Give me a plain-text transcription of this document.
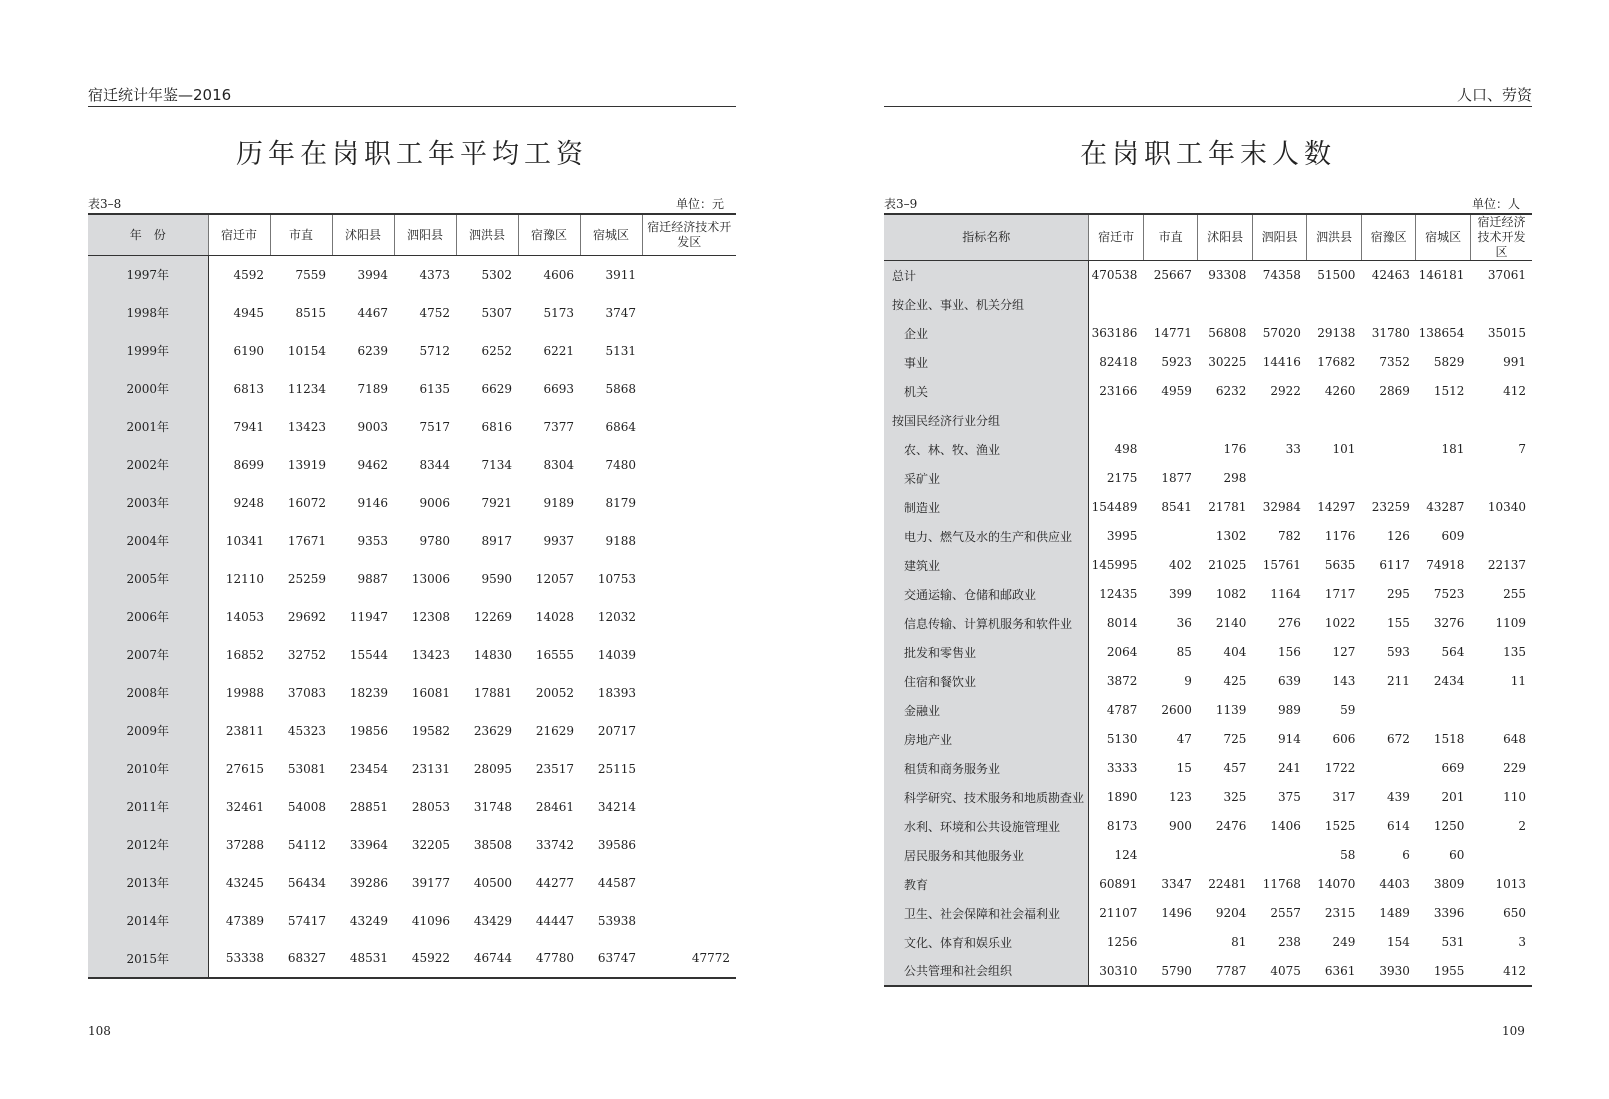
宿迁统计年鉴—2016
历年在岗职工年平均工资
表3–8	单位：元
年　份	宿迁市	市直	沭阳县	泗阳县	泗洪县	宿豫区	宿城区	宿迁经济技术开发区
1997年	4592	7559	3994	4373	5302	4606	3911	
1998年	4945	8515	4467	4752	5307	5173	3747	
1999年	6190	10154	6239	5712	6252	6221	5131	
2000年	6813	11234	7189	6135	6629	6693	5868	
2001年	7941	13423	9003	7517	6816	7377	6864	
2002年	8699	13919	9462	8344	7134	8304	7480	
2003年	9248	16072	9146	9006	7921	9189	8179	
2004年	10341	17671	9353	9780	8917	9937	9188	
2005年	12110	25259	9887	13006	9590	12057	10753	
2006年	14053	29692	11947	12308	12269	14028	12032	
2007年	16852	32752	15544	13423	14830	16555	14039	
2008年	19988	37083	18239	16081	17881	20052	18393	
2009年	23811	45323	19856	19582	23629	21629	20717	
2010年	27615	53081	23454	23131	28095	23517	25115	
2011年	32461	54008	28851	28053	31748	28461	34214	
2012年	37288	54112	33964	32205	38508	33742	39586	
2013年	43245	56434	39286	39177	40500	44277	44587	
2014年	47389	57417	43249	41096	43429	44447	53938	
2015年	53338	68327	48531	45922	46744	47780	63747	47772
108
人口、劳资
在岗职工年末人数
表3–9	单位：人
指标名称	宿迁市	市直	沭阳县	泗阳县	泗洪县	宿豫区	宿城区	宿迁经济技术开发区
总计	470538	25667	93308	74358	51500	42463	146181	37061
按企业、事业、机关分组								
企业	363186	14771	56808	57020	29138	31780	138654	35015
事业	82418	5923	30225	14416	17682	7352	5829	991
机关	23166	4959	6232	2922	4260	2869	1512	412
按国民经济行业分组								
农、林、牧、渔业	498		176	33	101		181	7
采矿业	2175	1877	298					
制造业	154489	8541	21781	32984	14297	23259	43287	10340
电力、燃气及水的生产和供应业	3995		1302	782	1176	126	609	
建筑业	145995	402	21025	15761	5635	6117	74918	22137
交通运输、仓储和邮政业	12435	399	1082	1164	1717	295	7523	255
信息传输、计算机服务和软件业	8014	36	2140	276	1022	155	3276	1109
批发和零售业	2064	85	404	156	127	593	564	135
住宿和餐饮业	3872	9	425	639	143	211	2434	11
金融业	4787	2600	1139	989	59			
房地产业	5130	47	725	914	606	672	1518	648
租赁和商务服务业	3333	15	457	241	1722		669	229
科学研究、技术服务和地质勘查业	1890	123	325	375	317	439	201	110
水利、环境和公共设施管理业	8173	900	2476	1406	1525	614	1250	2
居民服务和其他服务业	124				58	6	60	
教育	60891	3347	22481	11768	14070	4403	3809	1013
卫生、社会保障和社会福利业	21107	1496	9204	2557	2315	1489	3396	650
文化、体育和娱乐业	1256		81	238	249	154	531	3
公共管理和社会组织	30310	5790	7787	4075	6361	3930	1955	412
109
